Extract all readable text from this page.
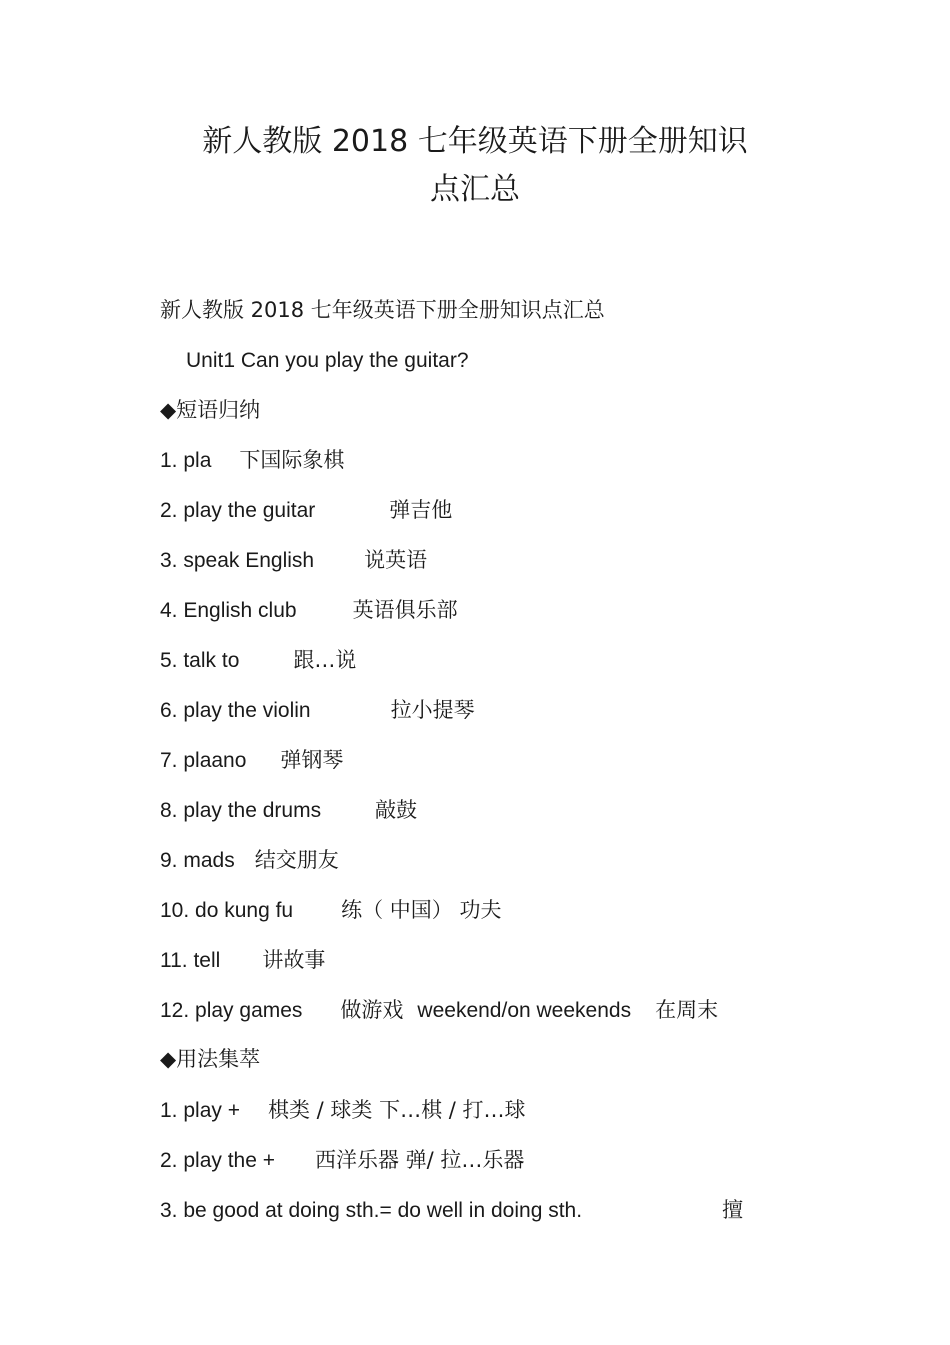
新人教版 2018 七年级英语下册全册知识
点汇总
新人教版 2018 七年级英语下册全册知识点汇总
Unit1 Can you play the guitar?
◆短语归纳
1. pla 下国际象棋
2. play the guitar	弹吉他
3. speak English 说英语
4. English club	英语俱乐部
5. talk to	跟…说
6. play the violin	拉小提琴
7. plaano 弹钢琴
8. play the drums	敲鼓
9. mads 结交朋友
10. do kung fu 练（ 中国） 功夫
11. tell 讲故事
12. play games 做游戏 weekend/on weekends 在周末
◆用法集萃
1. play + 棋类 / 球类 下…棋 / 打…球
2. play the + 西洋乐器 弹/ 拉…乐器
3. be good at doing sth.= do well in doing sth.	擅
